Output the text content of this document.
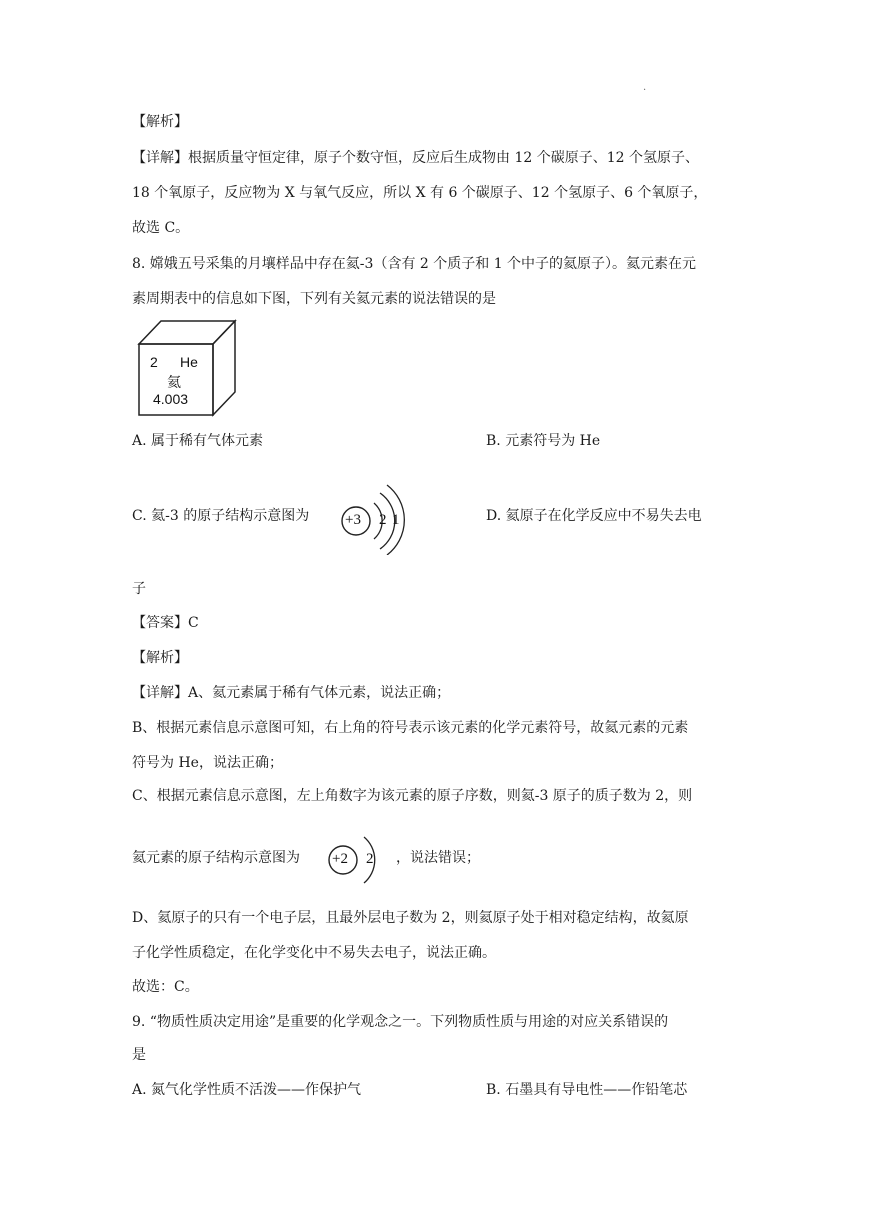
.
【解析】
【详解】根据质量守恒定律，原子个数守恒，反应后生成物由 12 个碳原子、12 个氢原子、
18 个氧原子，反应物为 X 与氧气反应，所以 X 有 6 个碳原子、12 个氢原子、6 个氧原子，
故选 C。
8. 嫦娥五号采集的月壤样品中存在氦-3（含有 2 个质子和 1 个中子的氦原子）。氦元素在元
素周期表中的信息如下图，下列有关氦元素的说法错误的是
2 He
氦
4.003
A. 属于稀有气体元素	B. 元素符号为 He
C. 氦-3 的原子结构示意图为 +3 2 1	D. 氦原子在化学反应中不易失去电
子
【答案】C
【解析】
【详解】A、氦元素属于稀有气体元素，说法正确；
B、根据元素信息示意图可知，右上角的符号表示该元素的化学元素符号，故氦元素的元素
符号为 He，说法正确；
C、根据元素信息示意图，左上角数字为该元素的原子序数，则氦-3 原子的质子数为 2，则
氦元素的原子结构示意图为 +2 2 ，说法错误；
D、氦原子的只有一个电子层，且最外层电子数为 2，则氦原子处于相对稳定结构，故氦原
子化学性质稳定，在化学变化中不易失去电子，说法正确。
故选：C。
9. “物质性质决定用途”是重要的化学观念之一。下列物质性质与用途的对应关系错误的
是
A. 氮气化学性质不活泼——作保护气	B. 石墨具有导电性——作铅笔芯
